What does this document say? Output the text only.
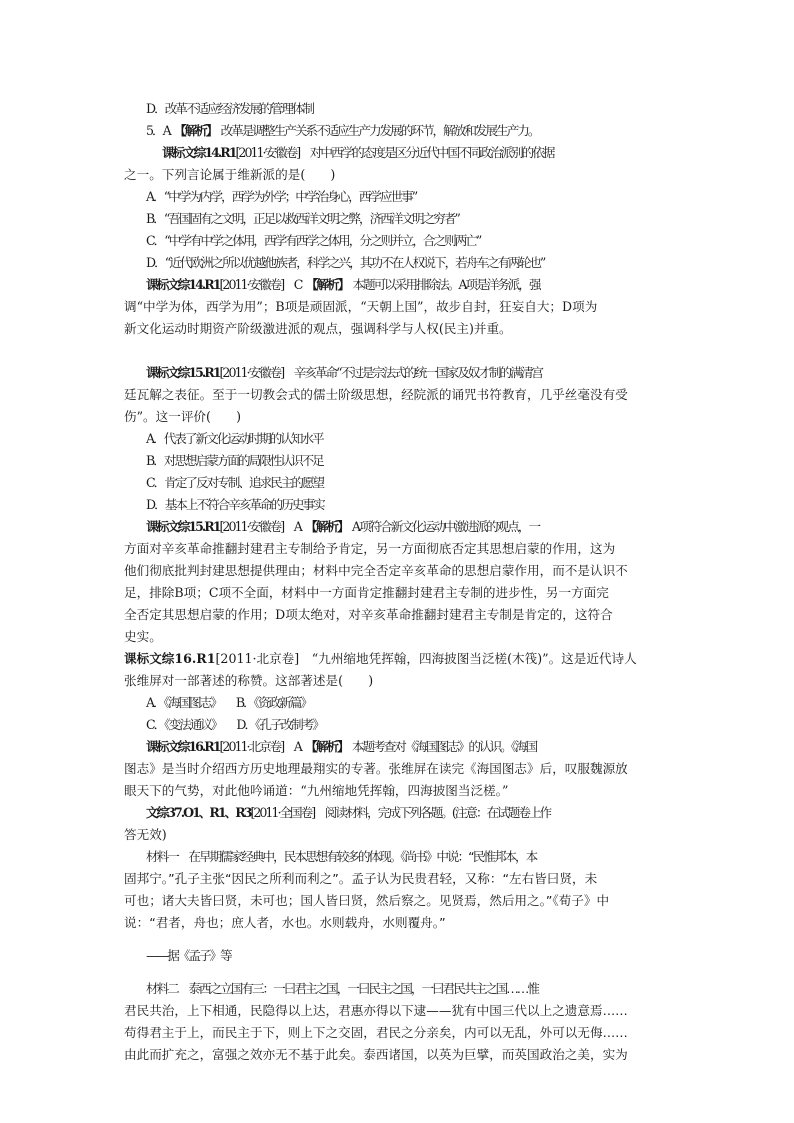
D．改革不适应经济发展的管理体制
5．A　 【解析】　 改革是调整生产关系不适应生产力发展的环节，解放和发展生产力。
课标文综14.R1[2011·安徽卷]　 对中西学的态度是区分近代中国不同政治派别的依据
之一。下列言论属于维新派的是(　　)
A．“中学为内学，西学为外学；中学治身心，西学应世事”
B．“吾国固有之文明，正足以救西洋文明之弊，济西洋文明之穷者”
C．“中学有中学之体用，西学有西学之体用，分之则并立，合之则两亡”
D．“近代欧洲之所以优越他族者，科学之兴，其功不在人权说下，若舟车之有两轮也”
课标文综14.R1[2011·安徽卷]　 C　 【解析】　 本题可以采用排除法。A项是洋务派，强
调“中学为体，西学为用”；B项是顽固派，“天朝上国”，故步自封，狂妄自大；D项为
新文化运动时期资产阶级激进派的观点，强调科学与人权(民主)并重。
课标文综15.R1[2011·安徽卷]　 辛亥革命“不过是宗法式的统一国家及奴才制的满清宫
廷瓦解之表征。至于一切教会式的儒士阶级思想，经院派的诵咒书符教育，几乎丝毫没有受
伤”。这一评价(　　)
A．代表了新文化运动时期的认知水平
B．对思想启蒙方面的局限性认识不足
C．肯定了反对专制、追求民主的愿望
D．基本上不符合辛亥革命的历史事实
课标文综15.R1[2011·安徽卷]　 A　 【解析】　 A项符合新文化运动中激进派的观点，一
方面对辛亥革命推翻封建君主专制给予肯定，另一方面彻底否定其思想启蒙的作用，这为
他们彻底批判封建思想提供理由；材料中完全否定辛亥革命的思想启蒙作用，而不是认识不
足，排除B项；C项不全面，材料中一方面肯定推翻封建君主专制的进步性，另一方面完
全否定其思想启蒙的作用；D项太绝对，对辛亥革命推翻封建君主专制是肯定的，这符合
史实。
课标文综16.R1[2011·北京卷]　 “九州缩地凭挥翰，四海披图当泛槎(木筏)”。这是近代诗人
张维屏对一部著述的称赞。这部著述是(　　)
A．《海国图志》　　 B．《资政新篇》
C．《变法通议》　　 D．《孔子改制考》
课标文综16.R1[2011·北京卷]　 A　 【解析】　 本题考查对《海国图志》的认识。《海国
图志》是当时介绍西方历史地理最翔实的专著。张维屏在读完《海国图志》后，叹服魏源放
眼天下的气势，对此他吟诵道：“九州缩地凭挥翰，四海披图当泛槎。”
文综37.O1、R1、R3[2011·全国卷]　 阅读材料，完成下列各题。(注意：在试题卷上作
答无效)
材料一　 在早期儒家经典中，民本思想有较多的体现。《尚书》中说：“民惟邦本，本
固邦宁。”孔子主张“因民之所利而利之”。孟子认为民贵君轻，又称：“左右皆曰贤，未
可也；诸大夫皆曰贤，未可也；国人皆曰贤，然后察之。见贤焉，然后用之。”《荀子》中
说：“君者，舟也；庶人者，水也。水则载舟，水则覆舟。”
——据《孟子》等
材料二　 泰西之立国有三：一曰君主之国，一曰民主之国，一曰君民共主之国……惟
君民共治，上下相通，民隐得以上达，君惠亦得以下逮——犹有中国三代以上之遗意焉……
苟得君主于上，而民主于下，则上下之交固，君民之分亲矣，内可以无乱，外可以无侮……
由此而扩充之，富强之效亦无不基于此矣。泰西诸国，以英为巨擘，而英国政治之美，实为
